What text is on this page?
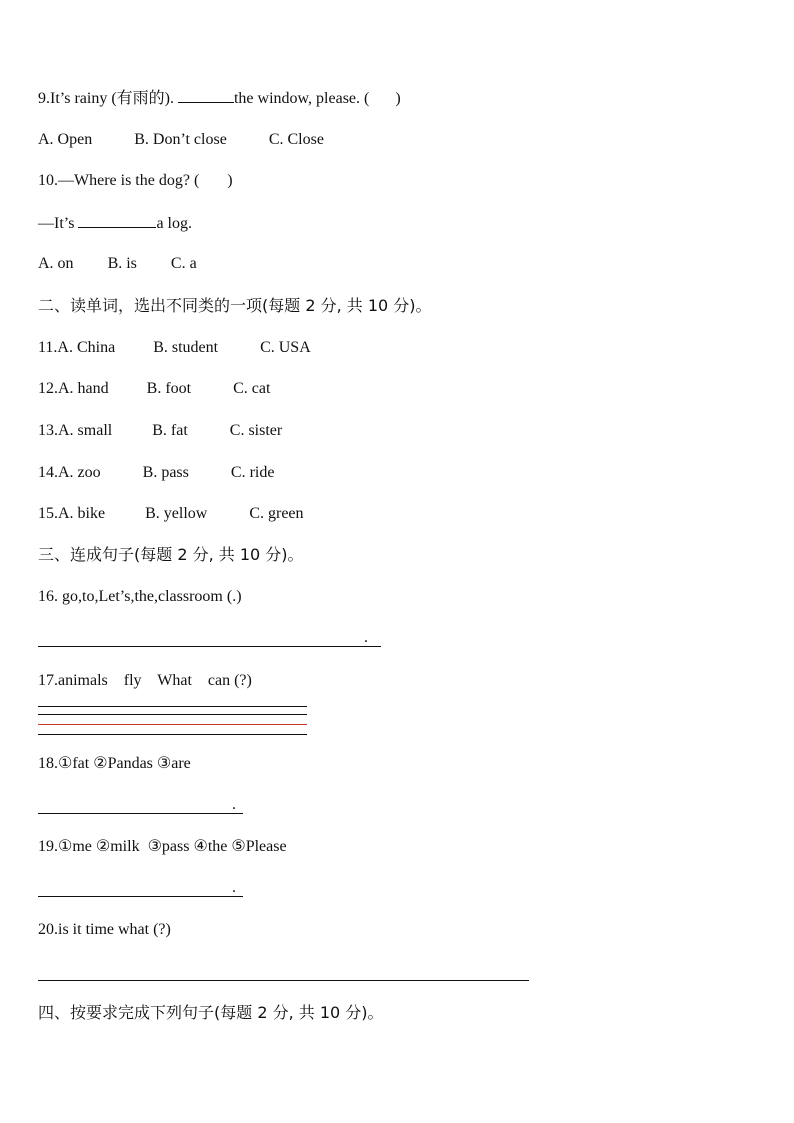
9.It’s rainy (有雨的).	the window, please. ( )
A. Open	B. Don’t close	C. Close
10.—Where is the dog? ( )
—It’s	a log.
A. on B. is C. a
二、读单词，选出不同类的一项(每题 2 分, 共 10 分)。
11.A. China B. student	C. USA
12.A. hand B. foot	C. cat
13.A. small	B. fat	C. sister
14.A. zoo	B. pass	C. ride
15.A. bike	B. yellow	C. green
三、连成句子(每题 2 分, 共 10 分)。
16. go,to,Let’s,the,classroom (.)
.
17.animals    fly    What    can (?)
18.①fat ②Pandas ③are
.
19.①me ②milk  ③pass ④the ⑤Please
.
20.is it time what (?)
四、按要求完成下列句子(每题 2 分, 共 10 分)。
